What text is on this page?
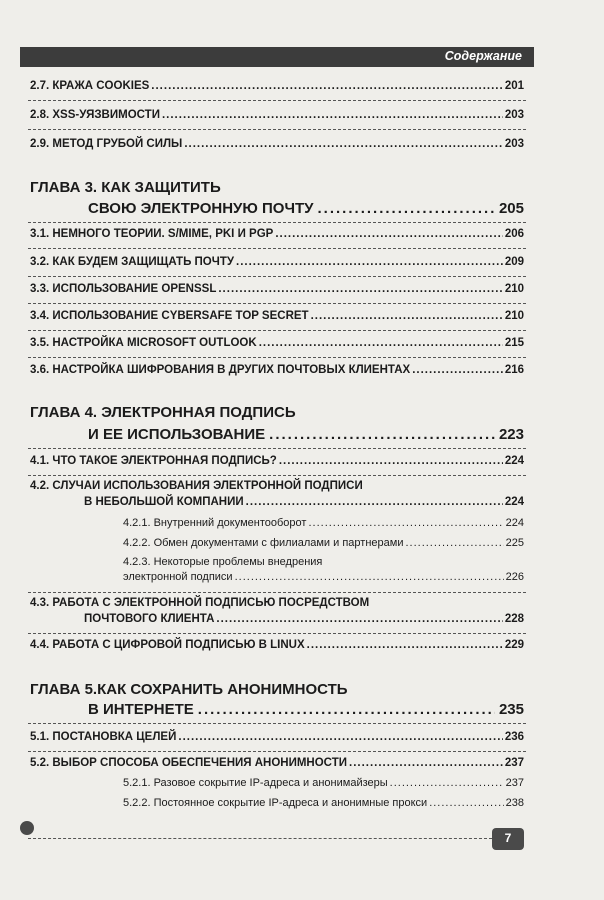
Содержание
2.7. КРАЖА COOKIES .....	201
2.8. XSS-УЯЗВИМОСТИ .....	203
2.9. МЕТОД ГРУБОЙ СИЛЫ .....	203
ГЛАВА 3. КАК ЗАЩИТИТЬ
СВОЮ ЭЛЕКТРОННУЮ ПОЧТУ .....	205
3.1. НЕМНОГО ТЕОРИИ. S/MIME, PKI И PGP .....	206
3.2. КАК БУДЕМ ЗАЩИЩАТЬ ПОЧТУ .....	209
3.3. ИСПОЛЬЗОВАНИЕ OPENSSL .....	210
3.4. ИСПОЛЬЗОВАНИЕ CYBERSAFE TOP SECRET .....	210
3.5. НАСТРОЙКА MICROSOFT OUTLOOK .....	215
3.6. НАСТРОЙКА ШИФРОВАНИЯ В ДРУГИХ ПОЧТОВЫХ КЛИЕНТАХ .....	216
ГЛАВА 4. ЭЛЕКТРОННАЯ ПОДПИСЬ
И ЕЕ ИСПОЛЬЗОВАНИЕ .....	223
4.1. ЧТО ТАКОЕ ЭЛЕКТРОННАЯ ПОДПИСЬ? .....	224
4.2. СЛУЧАИ ИСПОЛЬЗОВАНИЯ ЭЛЕКТРОННОЙ ПОДПИСИ
В НЕБОЛЬШОЙ КОМПАНИИ .....	224
4.2.1. Внутренний документооборот .....	224
4.2.2. Обмен документами с филиалами и партнерами .....	225
4.2.3. Некоторые проблемы внедрения
электронной подписи .....	226
4.3. РАБОТА С ЭЛЕКТРОННОЙ ПОДПИСЬЮ ПОСРЕДСТВОМ
ПОЧТОВОГО КЛИЕНТА .....	228
4.4. РАБОТА С ЦИФРОВОЙ ПОДПИСЬЮ В LINUX .....	229
ГЛАВА 5.КАК СОХРАНИТЬ АНОНИМНОСТЬ
В ИНТЕРНЕТЕ .....	235
5.1. ПОСТАНОВКА ЦЕЛЕЙ .....	236
5.2. ВЫБОР СПОСОБА ОБЕСПЕЧЕНИЯ АНОНИМНОСТИ .....	237
5.2.1. Разовое сокрытие IP-адреса и анонимайзеры .....	237
5.2.2. Постоянное сокрытие IP-адреса и анонимные прокси .....	238
7
